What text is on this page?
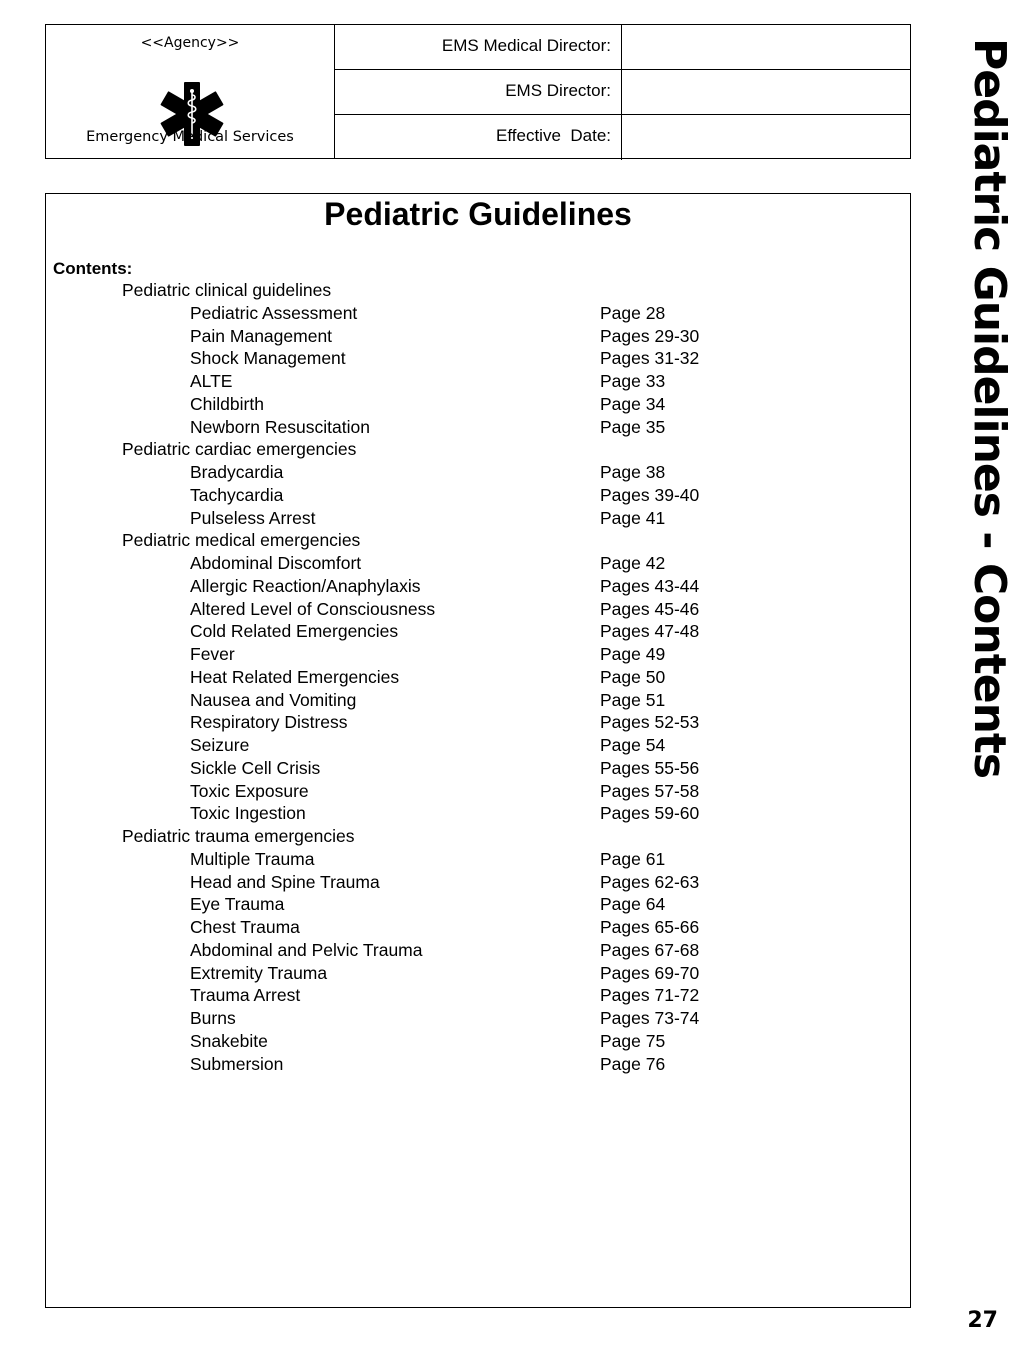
<<Agency>>
Emergency Medical Services
EMS Medical Director:
EMS Director:
Effective  Date:
Pediatric Guidelines
Contents:
Pediatric clinical guidelines
Pediatric Assessment	Page 28
Pain Management	Pages 29-30
Shock Management	Pages 31-32
ALTE	Page 33
Childbirth	Page 34
Newborn Resuscitation	Page 35
Pediatric cardiac emergencies
Bradycardia	Page 38
Tachycardia	Pages 39-40
Pulseless Arrest	Page 41
Pediatric medical emergencies
Abdominal Discomfort	Page 42
Allergic Reaction/Anaphylaxis	Pages 43-44
Altered Level of Consciousness	Pages 45-46
Cold Related Emergencies	Pages 47-48
Fever	Page 49
Heat Related Emergencies	Page 50
Nausea and Vomiting	Page 51
Respiratory Distress	Pages 52-53
Seizure	Page 54
Sickle Cell Crisis	Pages 55-56
Toxic Exposure	Pages 57-58
Toxic Ingestion	Pages 59-60
Pediatric trauma emergencies
Multiple Trauma	Page 61
Head and Spine Trauma	Pages 62-63
Eye Trauma	Page 64
Chest Trauma	Pages 65-66
Abdominal and Pelvic Trauma	Pages 67-68
Extremity Trauma	Pages 69-70
Trauma Arrest	Pages 71-72
Burns	Pages 73-74
Snakebite	Page 75
Submersion	Page 76
Pediatric Guidelines - Contents
27
